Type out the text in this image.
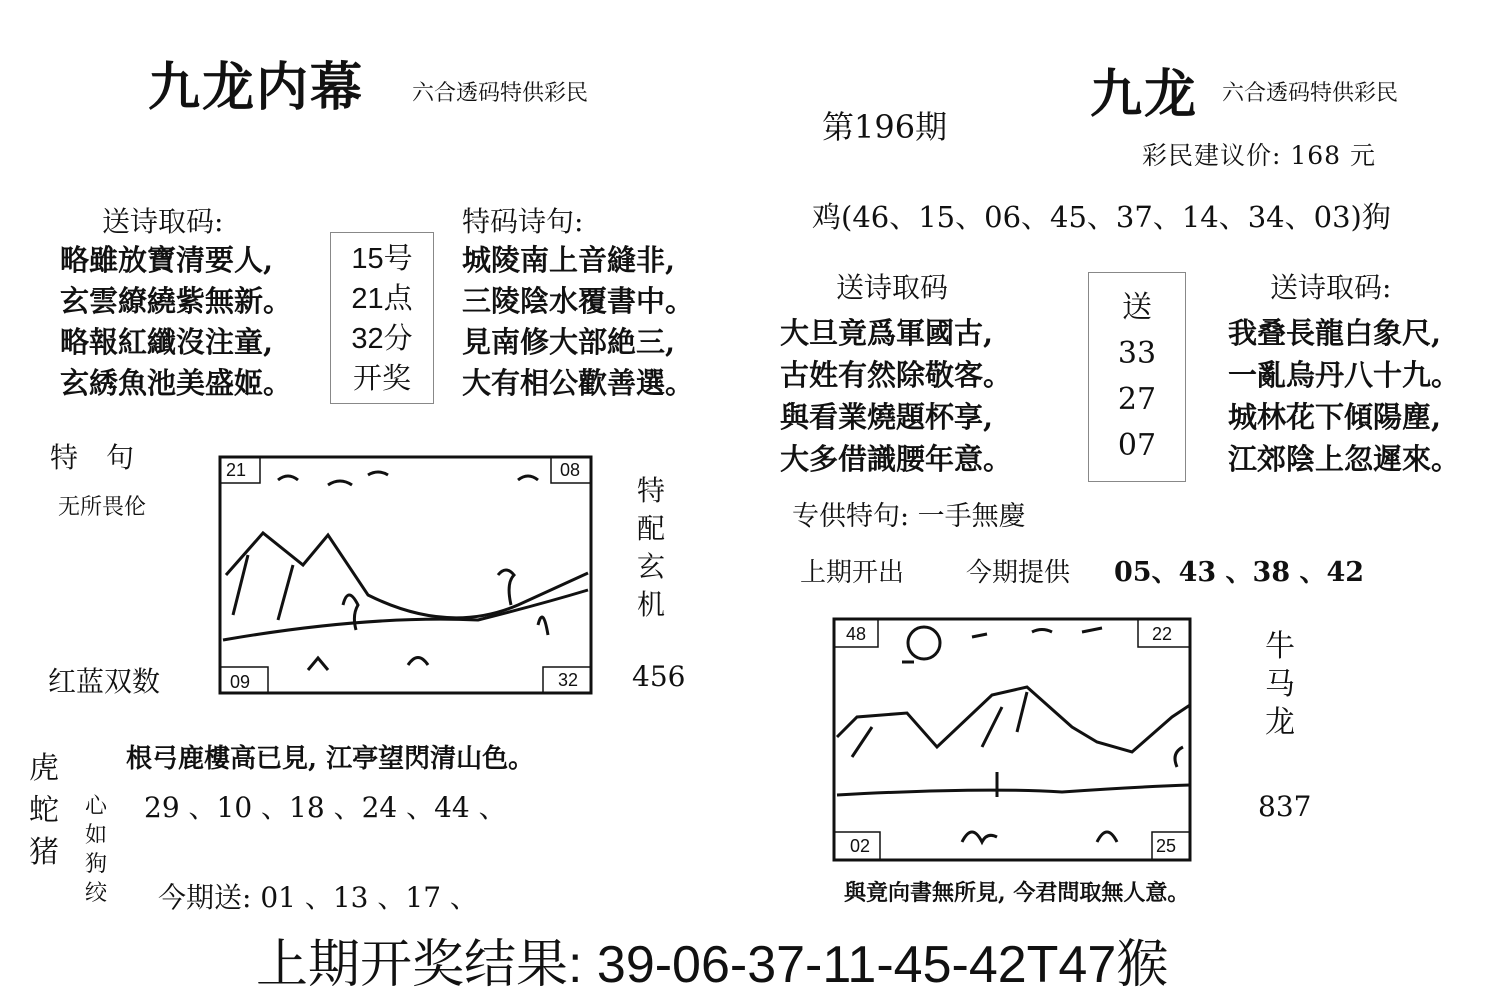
九龙内幕 六合透码特供彩民
送诗取码:
略雖放寶清要人,
玄雲繚繞紫無新。
略報紅纖沒注童,
玄綉魚池美盛姬。
15号
21点
32分
开奖
特码诗句:
城陵南上音縫非,
三陵陰水覆書中。
見南修大部絶三,
大有相公歡善選。
特　句
无所畏伦
红蓝双数
21	08
09	32
特配玄机
456
根弓鹿樓高已見, 江亭望閃清山色。
虎蛇猪
心如狗绞
29 、10 、18 、24 、44 、
今期送: 01 、13 、17 、
第196期
九龙 六合透码特供彩民
彩民建议价: 168 元
鸡(46、15、06、45、37、14、34、03)狗
送诗取码
大旦竟爲軍國古,
古姓有然除敬客。
與看業燒題杯享,
大多借識腰年意。
送
33
27
07
送诗取码:
我叠長龍白象尺,
一亂烏丹八十九。
城林花下傾陽塵,
江郊陰上忽遲來。
专供特句: 一手無慶
上期开出 今期提供 05、43 、38 、42
48	22
02	25
牛马龙
837
與竟向書無所見, 今君問取無人意。
上期开奖结果: 39-06-37-11-45-42T47猴
